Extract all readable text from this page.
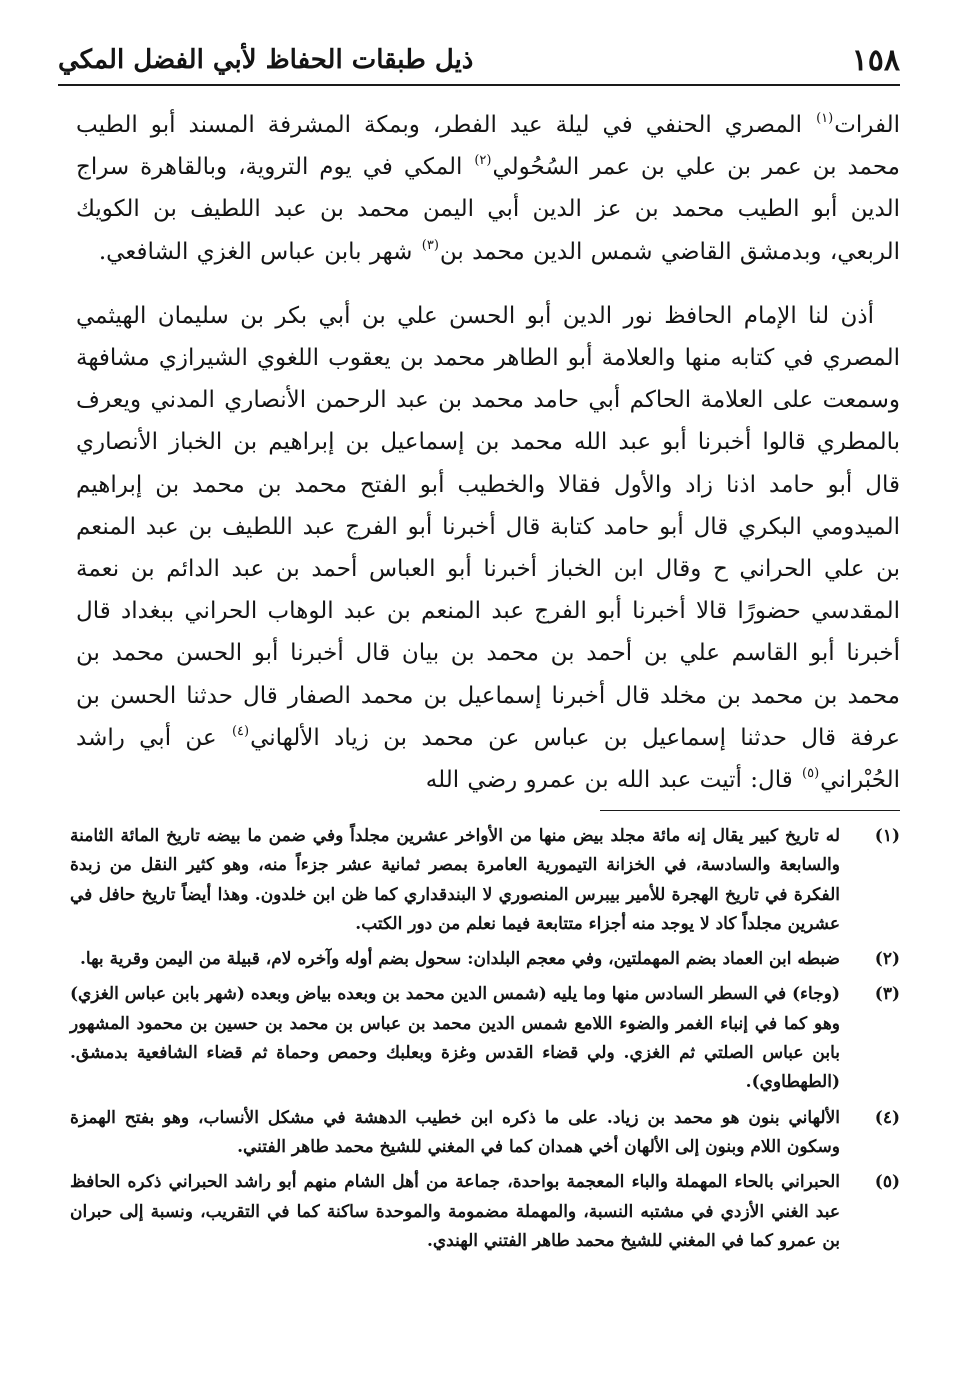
١٥٨
ذيل طبقات الحفاظ لأبي الفضل المكي

الفرات$^{(١)}$ المصري الحنفي في ليلة عيد الفطر، وبمكة المشرفة المسند أبو الطيب محمد بن عمر بن علي بن عمر السُحُولي$^{(٢)}$ المكي في يوم التروية، وبالقاهرة سراج الدين أبو الطيب محمد بن عز الدين أبي اليمن محمد بن عبد اللطيف بن الكويك الربعي، وبدمشق القاضي شمس الدين محمد بن$^{(٣)}$ شهر بابن عباس الغزي الشافعي.

أذن لنا الإمام الحافظ نور الدين أبو الحسن علي بن أبي بكر بن سليمان الهيثمي المصري في كتابه منها والعلامة أبو الطاهر محمد بن يعقوب اللغوي الشيرازي مشافهة وسمعت على العلامة الحاكم أبي حامد محمد بن عبد الرحمن الأنصاري المدني ويعرف بالمطري قالوا أخبرنا أبو عبد الله محمد بن إسماعيل بن إبراهيم بن الخباز الأنصاري قال أبو حامد اذنا زاد والأول فقالا والخطيب أبو الفتح محمد بن محمد بن إبراهيم الميدومي البكري قال أبو حامد كتابة قال أخبرنا أبو الفرج عبد اللطيف بن عبد المنعم بن علي الحراني ح وقال ابن الخباز أخبرنا أبو العباس أحمد بن عبد الدائم بن نعمة المقدسي حضورًا قالا أخبرنا أبو الفرج عبد المنعم بن عبد الوهاب الحراني ببغداد قال أخبرنا أبو القاسم علي بن أحمد بن محمد بن بيان قال أخبرنا أبو الحسن محمد بن محمد بن محمد بن مخلد قال أخبرنا إسماعيل بن محمد الصفار قال حدثنا الحسن بن عرفة قال حدثنا إسماعيل بن عباس عن محمد بن زياد الألهاني$^{(٤)}$ عن أبي راشد الحُبْراني$^{(٥)}$ قال: أتيت عبد الله بن عمرو رضي الله

(١)
له تاريخ كبير يقال إنه مائة مجلد بيض منها من الأواخر عشرين مجلداً وفي ضمن ما بيضه تاريخ المائة الثامنة والسابعة والسادسة، في الخزانة التيمورية العامرة بمصر ثمانية عشر جزءاً منه، وهو كثير النقل من زبدة الفكرة في تاريخ الهجرة للأمير بيبرس المنصوري لا البندقداري كما ظن ابن خلدون. وهذا أيضاً تاريخ حافل في عشرين مجلداً كاد لا يوجد منه أجزاء متتابعة فيما نعلم من دور الكتب.
(٢)
ضبطه ابن العماد بضم المهملتين، وفي معجم البلدان: سحول بضم أوله وآخره لام، قبيلة من اليمن وقرية بها.
(٣)
(وجاء) في السطر السادس منها وما يليه (شمس الدين محمد بن وبعده بياض وبعده (شهر بابن عباس الغزي) وهو كما في إنباء الغمر والضوء اللامع شمس الدين محمد بن عباس بن محمد بن حسين بن محمود المشهور بابن عباس الصلتي ثم الغزي. ولي قضاء القدس وغزة وبعلبك وحمص وحماة ثم قضاء الشافعية بدمشق. (الطهطاوي).
(٤)
الألهاني بنون هو محمد بن زياد. على ما ذكره ابن خطيب الدهشة في مشكل الأنساب، وهو بفتح الهمزة وسكون اللام وبنون إلى الألهان أخي همدان كما في المغني للشيخ محمد طاهر الفتني.
(٥)
الحبراني بالحاء المهملة والباء المعجمة بواحدة، جماعة من أهل الشام منهم أبو راشد الحبراني ذكره الحافظ عبد الغني الأزدي في مشتبه النسبة، والمهملة مضمومة والموحدة ساكنة كما في التقريب، ونسبة إلى حبران بن عمرو كما في المغني للشيخ محمد طاهر الفتني الهندي.
